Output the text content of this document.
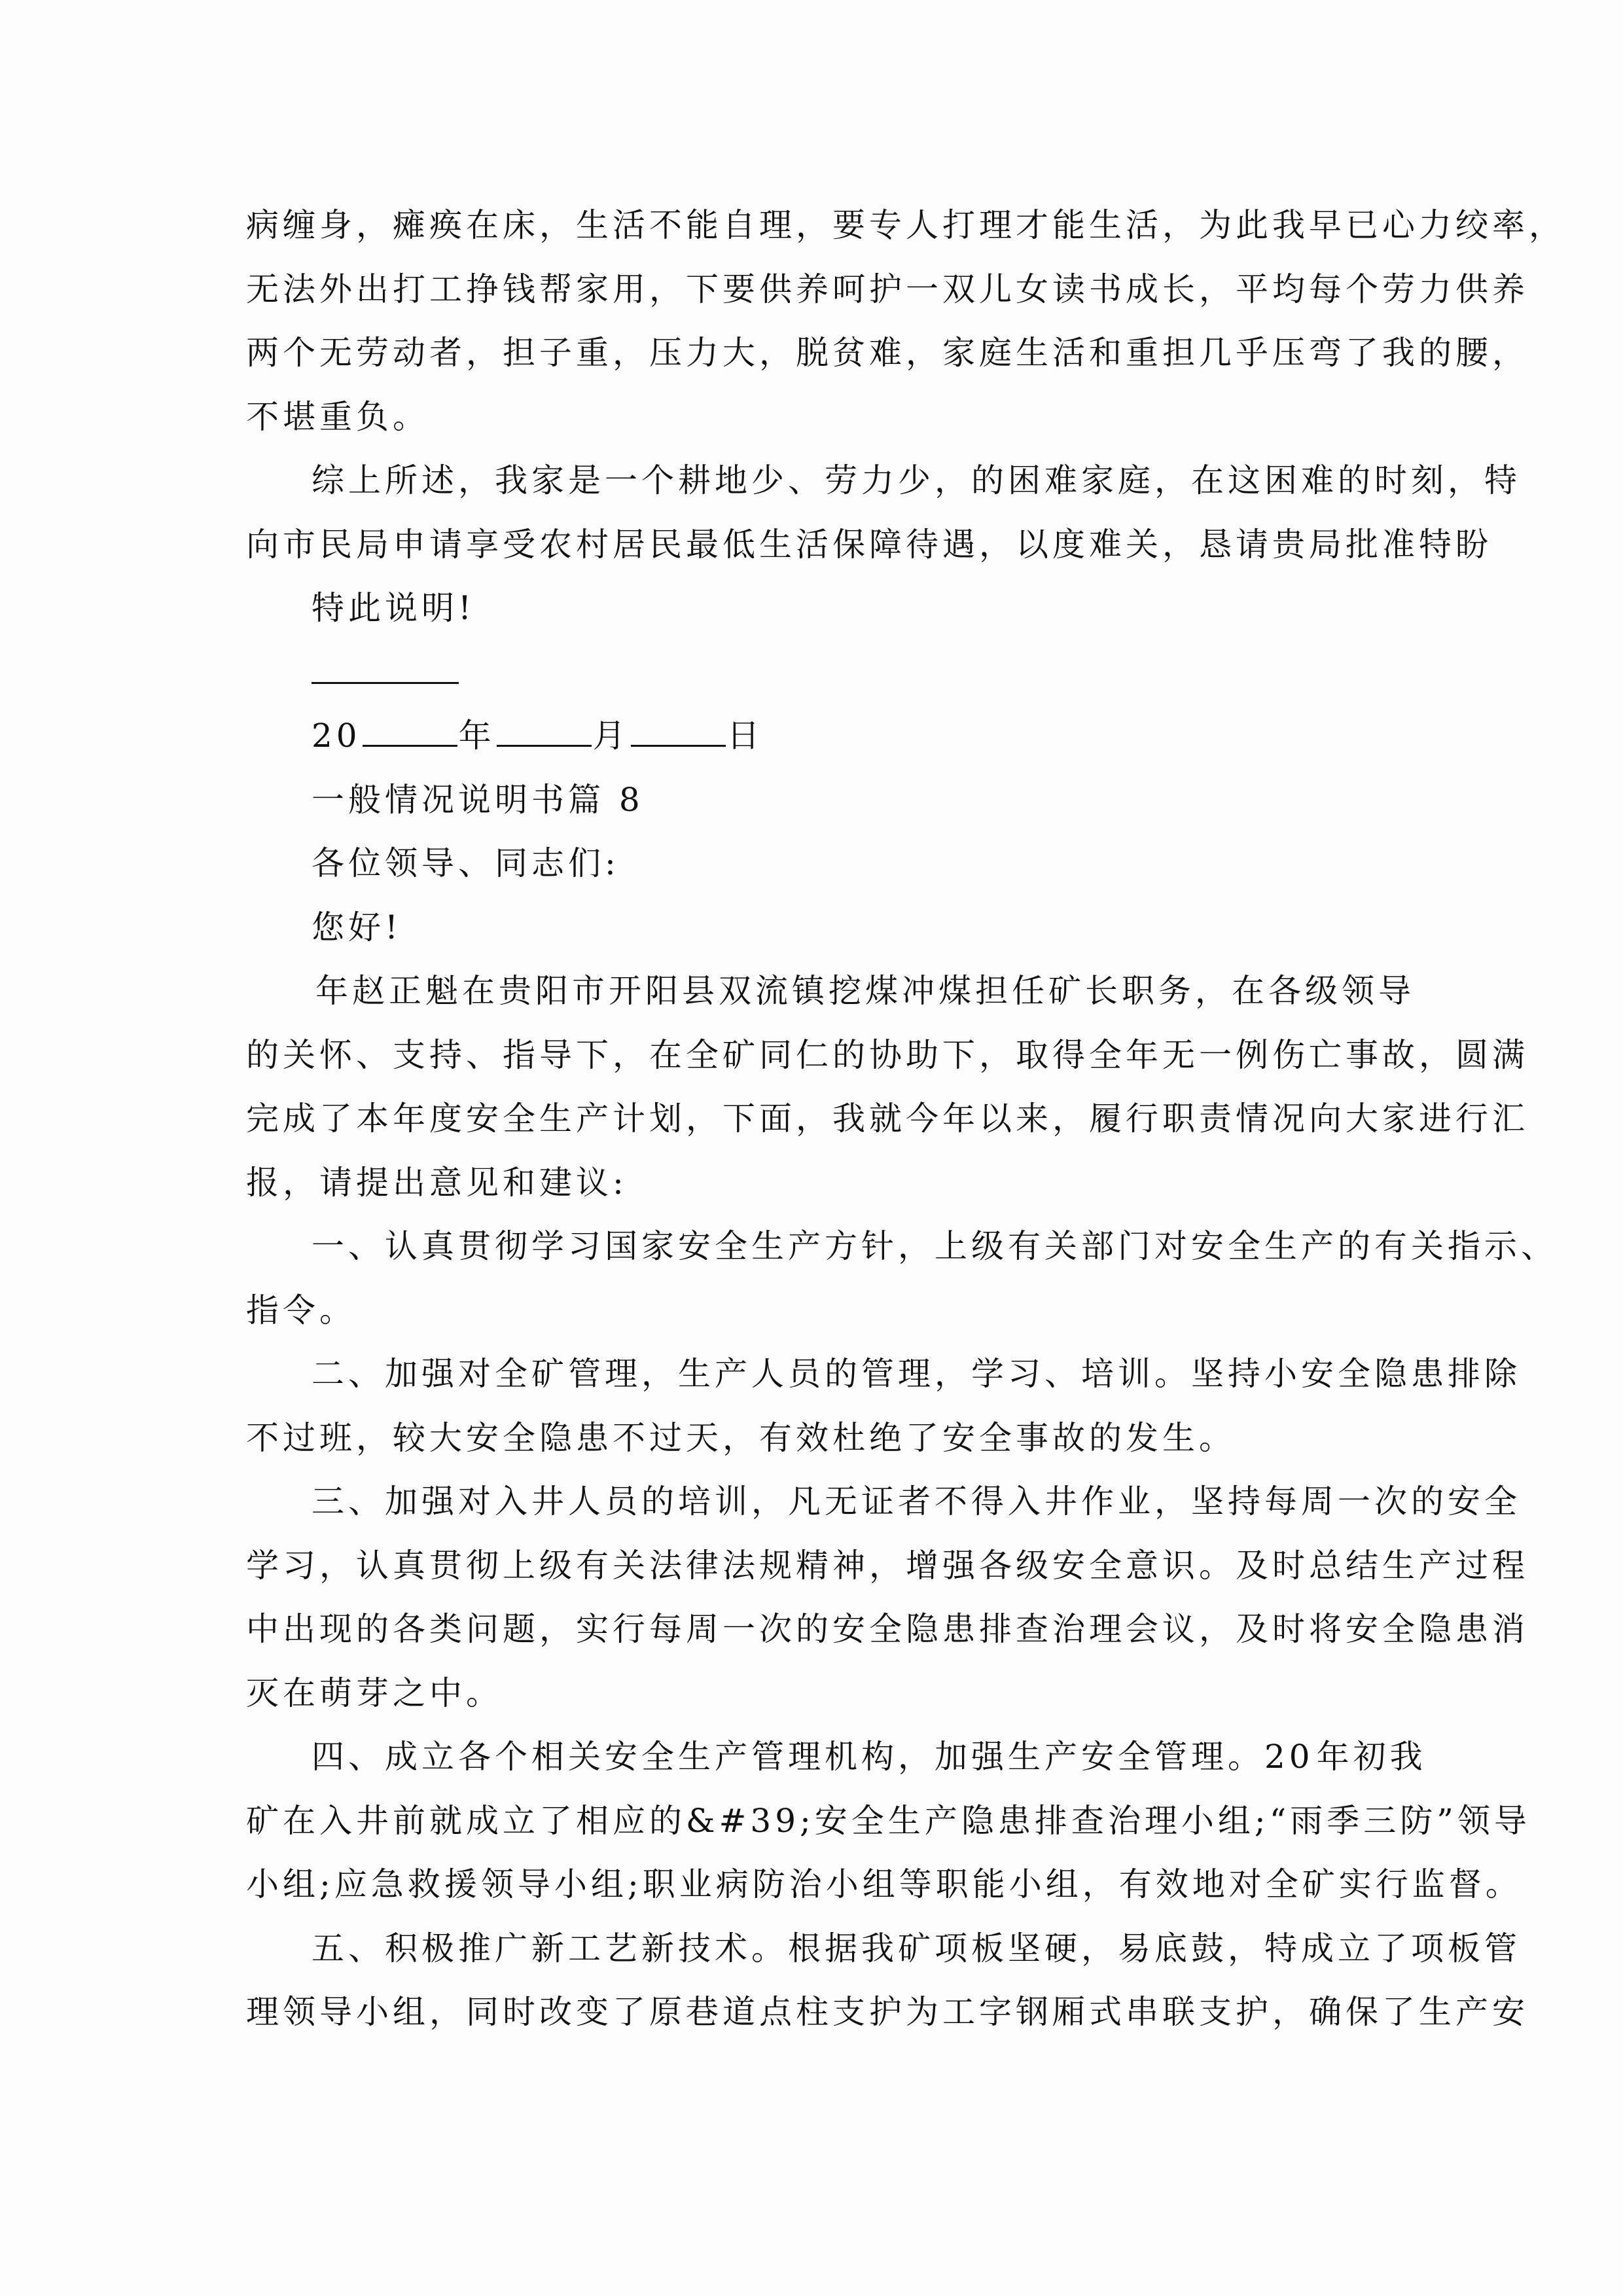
病缠身，瘫痪在床，生活不能自理，要专人打理才能生活，为此我早已心力绞率，
无法外出打工挣钱帮家用，下要供养呵护一双儿女读书成长，平均每个劳力供养
两个无劳动者，担子重，压力大，脱贫难，家庭生活和重担几乎压弯了我的腰，
不堪重负。
综上所述，我家是一个耕地少、劳力少，的困难家庭，在这困难的时刻，特
向市民局申请享受农村居民最低生活保障待遇，以度难关，恳请贵局批准特盼
特此说明!
20	年	月	日
一般情况说明书篇 8
各位领导、同志们:
您好!
年赵正魁在贵阳市开阳县双流镇挖煤冲煤担任矿长职务，在各级领导
的关怀、支持、指导下，在全矿同仁的协助下，取得全年无一例伤亡事故，圆满
完成了本年度安全生产计划，下面，我就今年以来，履行职责情况向大家进行汇
报，请提出意见和建议:
一、认真贯彻学习国家安全生产方针，上级有关部门对安全生产的有关指示、
指令。
二、加强对全矿管理，生产人员的管理，学习、培训。坚持小安全隐患排除
不过班，较大安全隐患不过天，有效杜绝了安全事故的发生。
三、加强对入井人员的培训，凡无证者不得入井作业，坚持每周一次的安全
学习，认真贯彻上级有关法律法规精神，增强各级安全意识。及时总结生产过程
中出现的各类问题，实行每周一次的安全隐患排查治理会议，及时将安全隐患消
灭在萌芽之中。
四、成立各个相关安全生产管理机构，加强生产安全管理。20 年初我
矿在入井前就成立了相应的&#39;安全生产隐患排查治理小组;“雨季三防”领导
小组;应急救援领导小组;职业病防治小组等职能小组，有效地对全矿实行监督。
五、积极推广新工艺新技术。根据我矿项板坚硬，易底鼓，特成立了项板管
理领导小组，同时改变了原巷道点柱支护为工字钢厢式串联支护，确保了生产安
